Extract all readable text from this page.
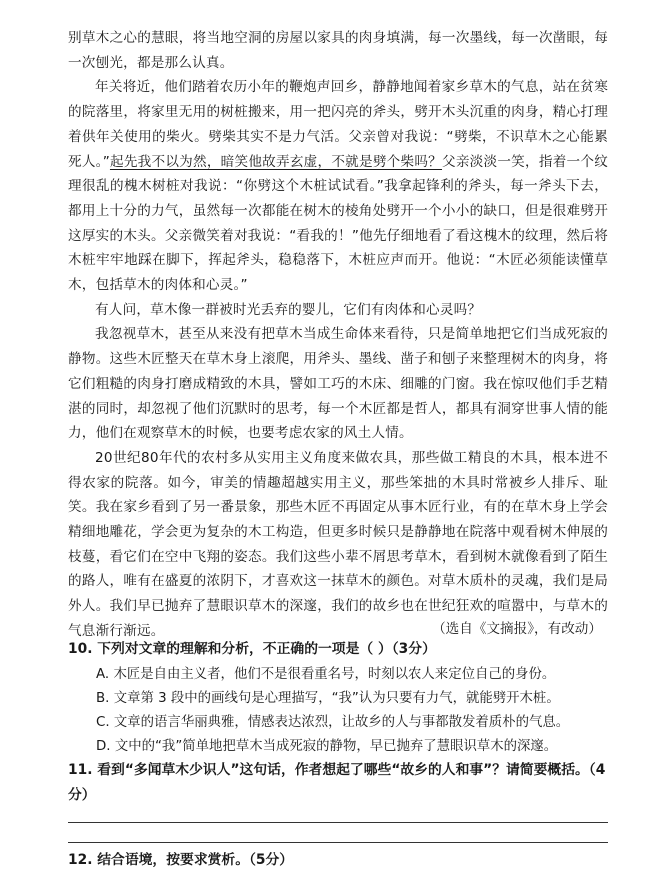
别草木之心的慧眼，将当地空洞的房屋以家具的肉身填满，每一次墨线，每一次凿眼，每一次刨光，都是那么认真。

年关将近，他们踏着农历小年的鞭炮声回乡，静静地闻着家乡草木的气息，站在贫寒的院落里，将家里无用的树桩搬来，用一把闪亮的斧头，劈开木头沉重的肉身，精心打理着供年关使用的柴火。劈柴其实不是力气活。父亲曾对我说：“劈柴，不识草木之心能累死人。”起先我不以为然，暗笑他故弄玄虚，不就是劈个柴吗？父亲淡淡一笑，指着一个纹理很乱的槐木树桩对我说：“你劈这个木桩试试看。”我拿起锋利的斧头，每一斧头下去，都用上十分的力气，虽然每一次都能在树木的棱角处劈开一个小小的缺口，但是很难劈开这厚实的木头。父亲微笑着对我说：“看我的！”他先仔细地看了看这槐木的纹理，然后将木桩牢牢地踩在脚下，挥起斧头，稳稳落下，木桩应声而开。他说：“木匠必须能读懂草木，包括草木的肉体和心灵。”

有人问，草木像一群被时光丢弃的婴儿，它们有肉体和心灵吗？

我忽视草木，甚至从来没有把草木当成生命体来看待，只是简单地把它们当成死寂的静物。这些木匠整天在草木身上滚爬，用斧头、墨线、凿子和刨子来整理树木的肉身，将它们粗糙的肉身打磨成精致的木具，譬如工巧的木床、细雕的门窗。我在惊叹他们手艺精湛的同时，却忽视了他们沉默时的思考，每一个木匠都是哲人，都具有洞穿世事人情的能力，他们在观察草木的时候，也要考虑农家的风土人情。

20世纪80年代的农村多从实用主义角度来做农具，那些做工精良的木具，根本进不得农家的院落。如今，审美的情趣超越实用主义，那些笨拙的木具时常被乡人排斥、耻笑。我在家乡看到了另一番景象，那些木匠不再固定从事木匠行业，有的在草木身上学会精细地雕花，学会更为复杂的木工构造，但更多时候只是静静地在院落中观看树木伸展的枝蔓，看它们在空中飞翔的姿态。我们这些小辈不屑思考草木，看到树木就像看到了陌生的路人，唯有在盛夏的浓阴下，才喜欢这一抹草木的颜色。对草木质朴的灵魂，我们是局外人。我们早已抛弃了慧眼识草木的深邃，我们的故乡也在世纪狂欢的喧嚣中，与草木的气息渐行渐远。	（选自《文摘报》，有改动）
10. 下列对文章的理解和分析，不正确的一项是（ ）（3分）
A. 木匠是自由主义者，他们不是很看重名号，时刻以农人来定位自己的身份。
B. 文章第 3 段中的画线句是心理描写，“我”认为只要有力气，就能劈开木桩。
C. 文章的语言华丽典雅，情感表达浓烈，让故乡的人与事都散发着质朴的气息。
D. 文中的“我”简单地把草木当成死寂的静物，早已抛弃了慧眼识草木的深邃。
11. 看到“多闻草木少识人”这句话，作者想起了哪些“故乡的人和事”？请简要概括。（4分）
12. 结合语境，按要求赏析。（5分）
